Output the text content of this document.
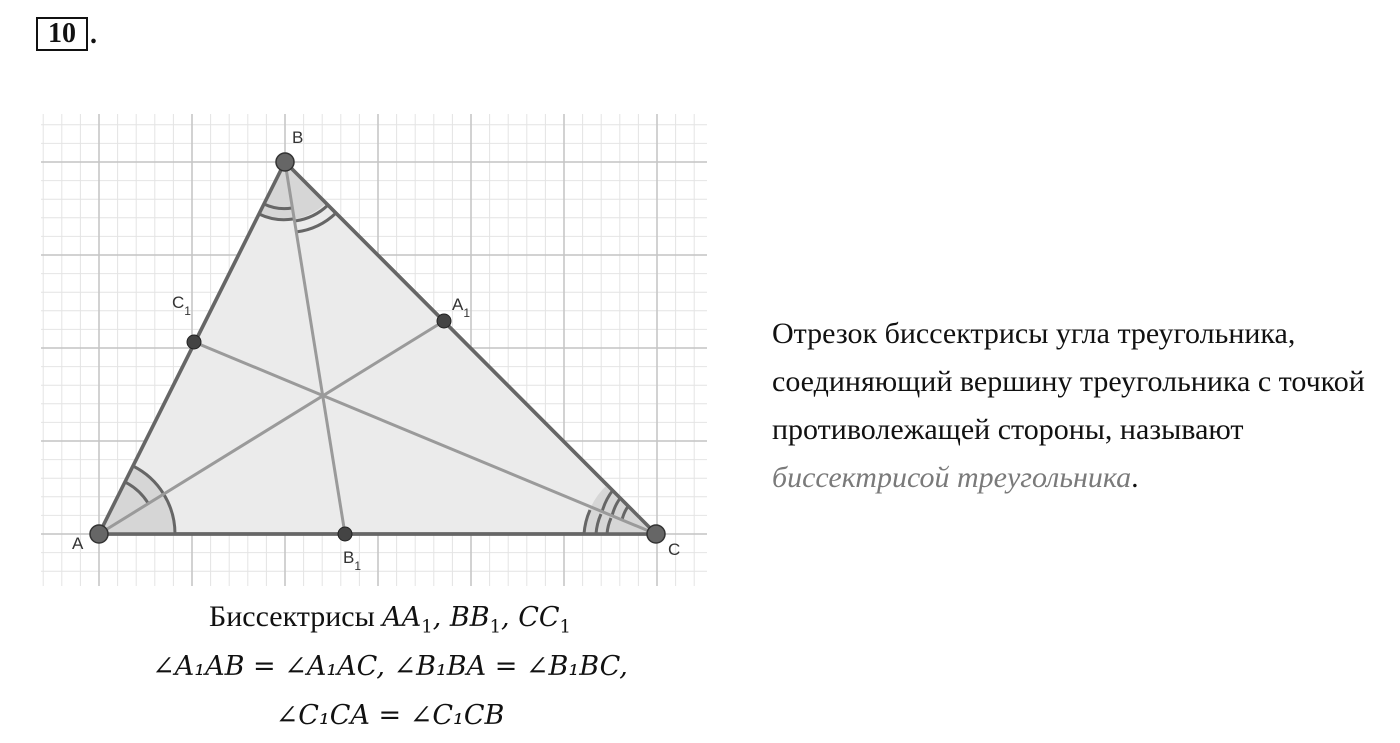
10 .
A
B
C
$A_1$
$B_1$
$C_1$
Биссектрисы $AA_1$, $BB_1$, $CC_1$
∠A₁AB = ∠A₁AC, ∠B₁BA = ∠B₁BC,
∠C₁CA = ∠C₁CB
Отрезок биссектрисы угла треугольника, соединяющий вершину треугольника с точкой противолежащей стороны, называют биссектрисой треугольника.
